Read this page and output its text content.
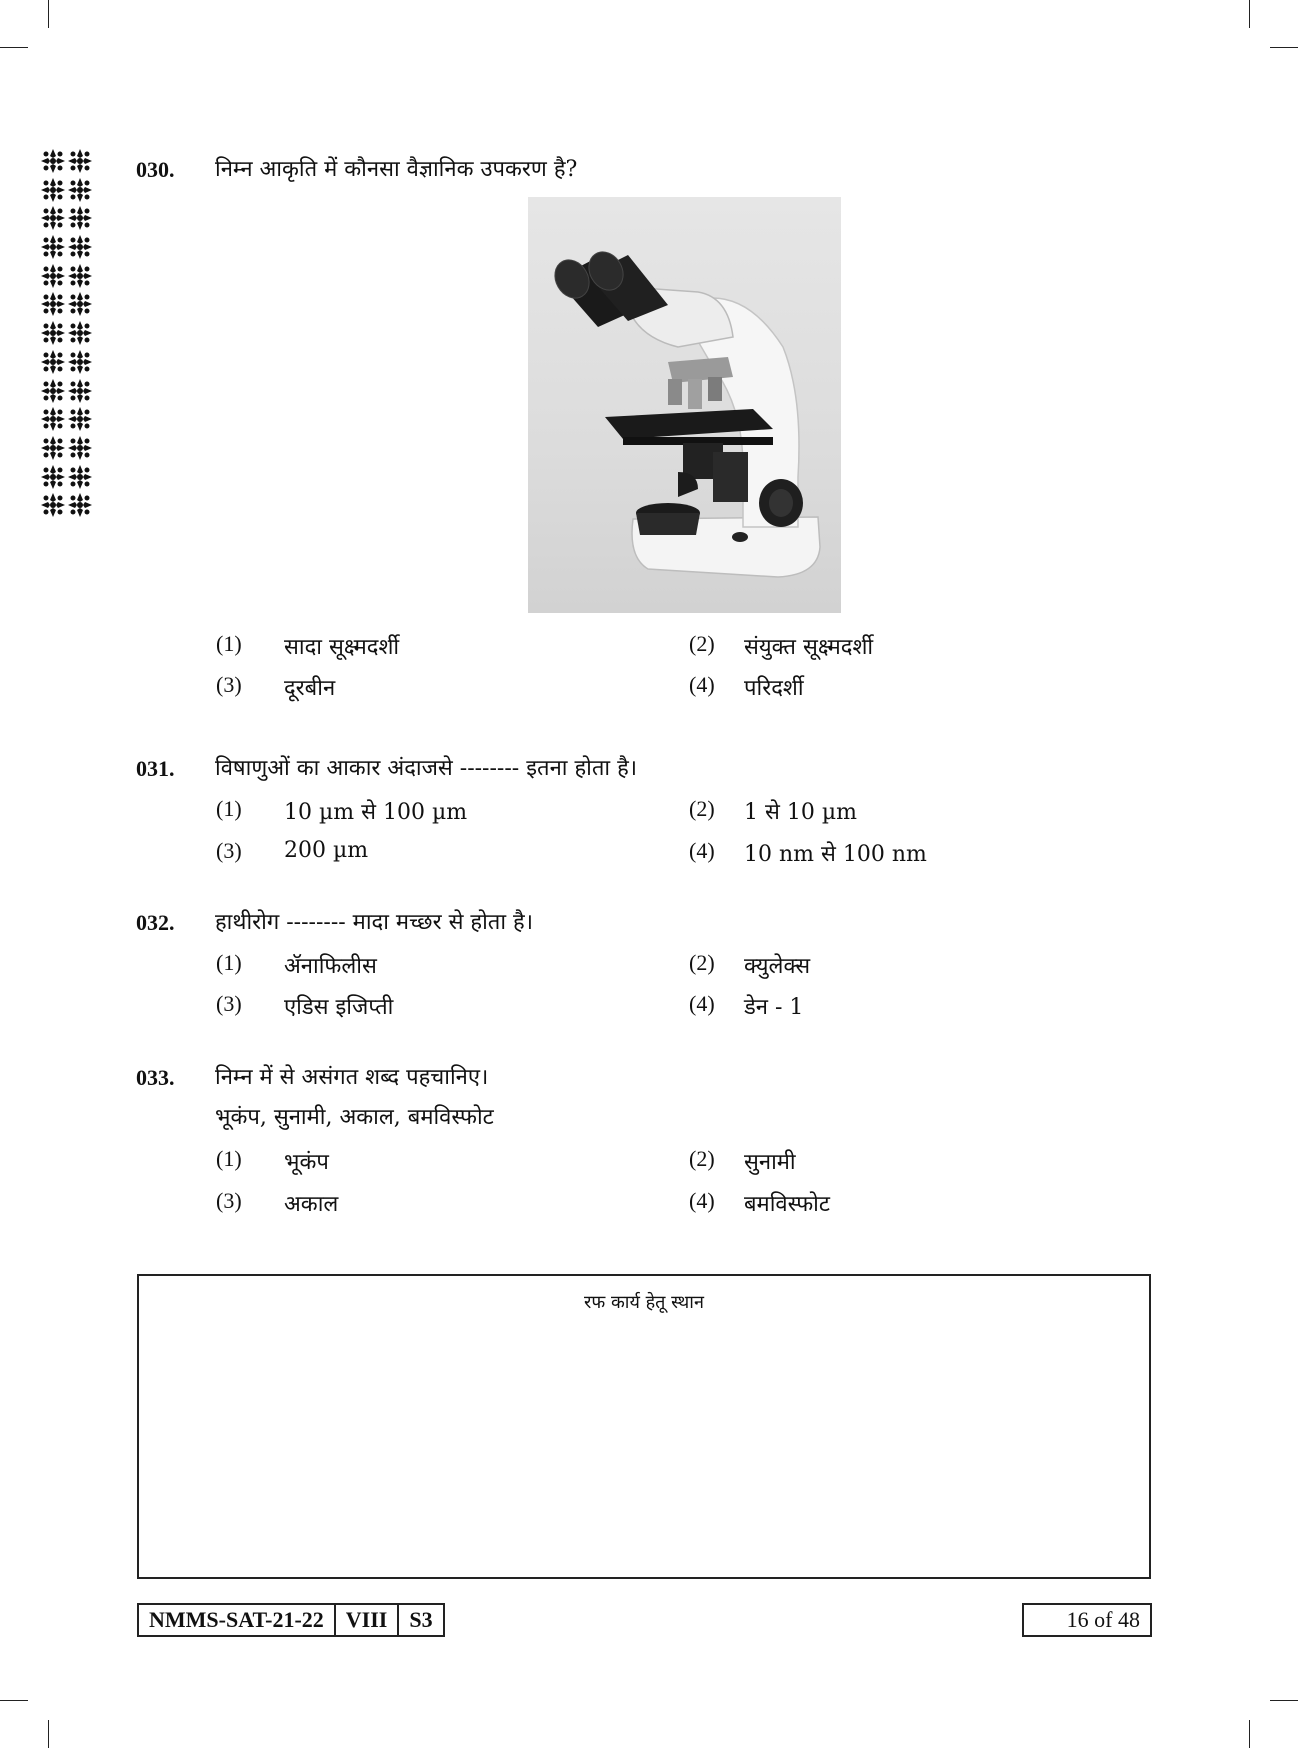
030. निम्न आकृति में कौनसा वैज्ञानिक उपकरण है?
(1) सादा सूक्ष्मदर्शी	(2) संयुक्त सूक्ष्मदर्शी
(3) दूरबीन	(4) परिदर्शी
031. विषाणुओं का आकार अंदाजसे -------- इतना होता है।
(1) 10 µm से 100 µm	(2) 1 से 10 µm
(3) 200 µm	(4) 10 nm से 100 nm
032. हाथीरोग -------- मादा मच्छर से होता है।
(1) ॲनाफिलीस	(2) क्युलेक्स
(3) एडिस इजिप्ती	(4) डेन - 1
033. निम्न में से असंगत शब्द पहचानिए।
भूकंप, सुनामी, अकाल, बमविस्फोट
(1) भूकंप	(2) सुनामी
(3) अकाल	(4) बमविस्फोट
रफ कार्य हेतू स्थान
NMMS-SAT-21-22	VIII	S3	16 of 48
